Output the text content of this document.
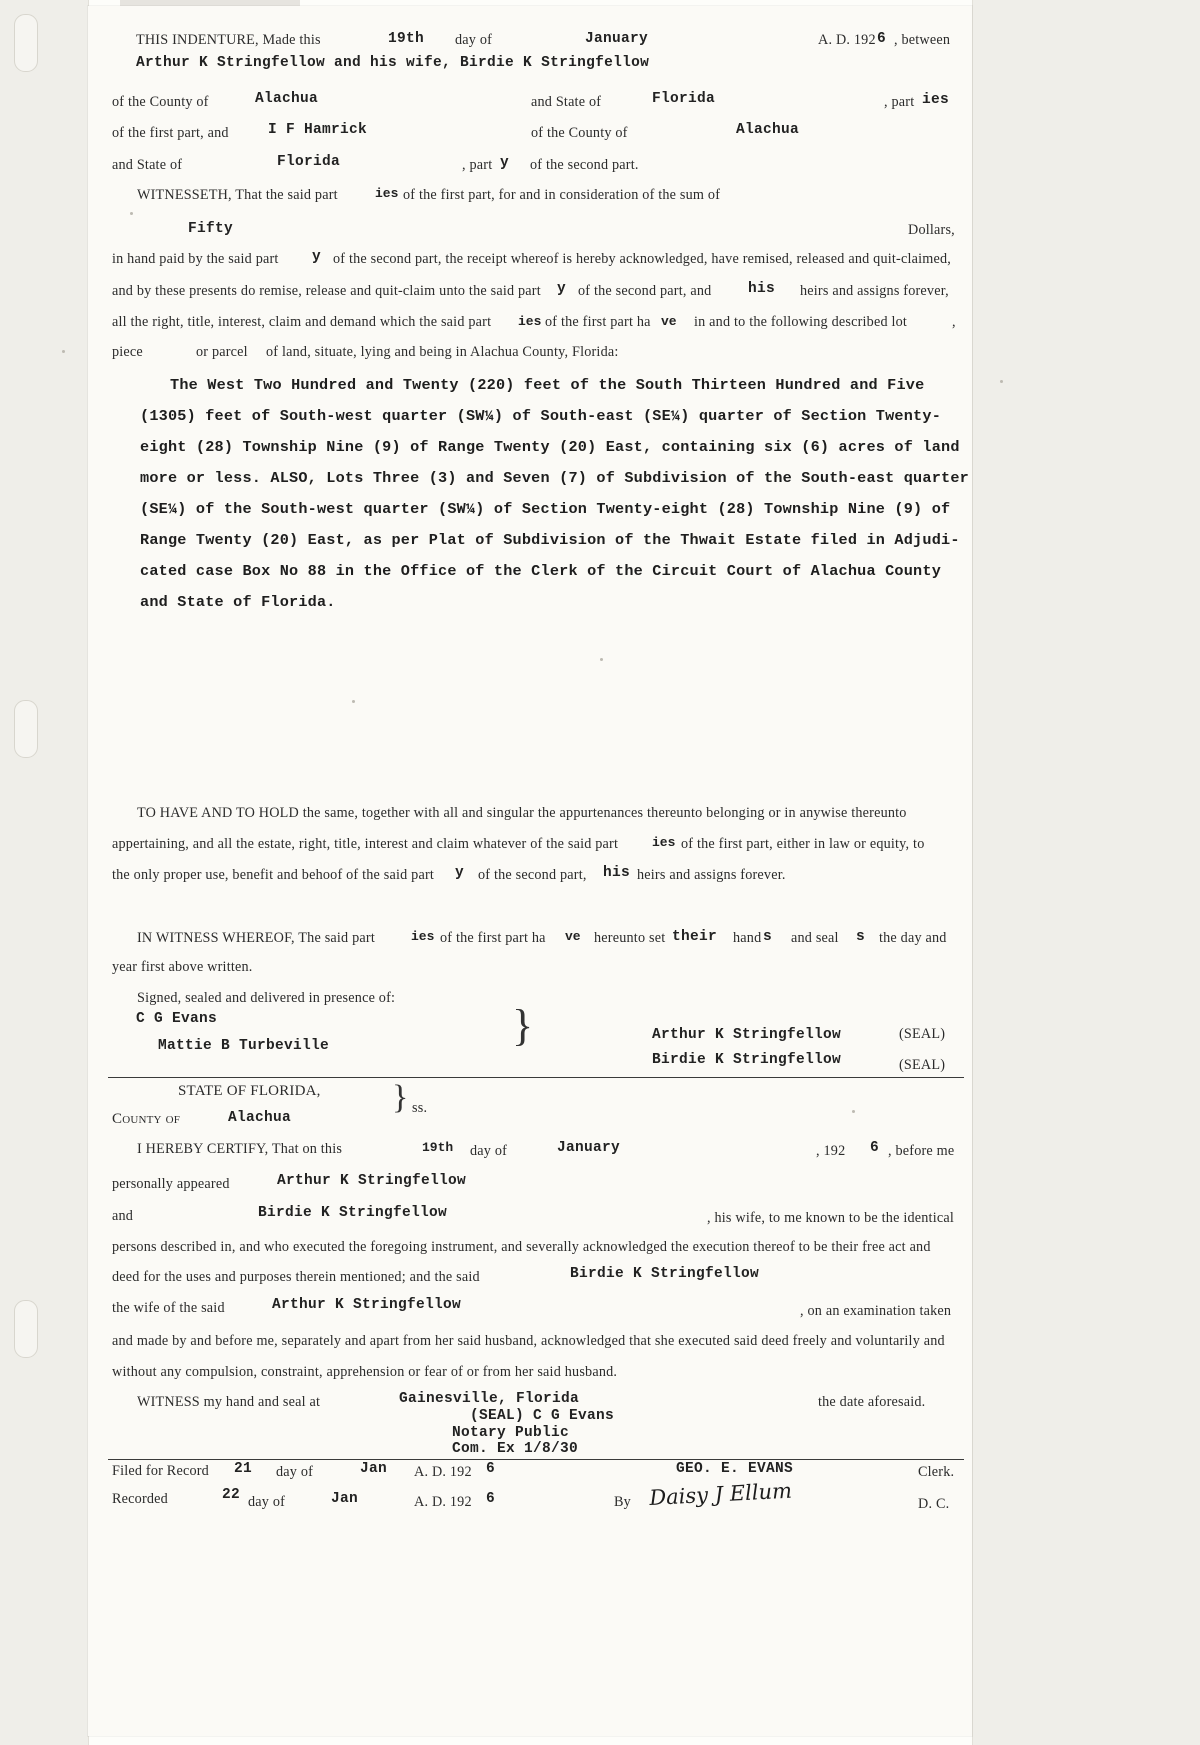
THIS INDENTURE, Made this	19th day of	January	A. D. 192 6 , between
Arthur K Stringfellow and his wife, Birdie K Stringfellow
of the County of	Alachua	and State of	Florida	, part ies
of the first part, and	I F Hamrick	of the County of	Alachua
and State of	Florida	, part y of the second part.
WITNESSETH, That the said part	ies of the first part, for and in consideration of the sum of
Fifty	Dollars,
in hand paid by the said part y of the second part, the receipt whereof is hereby acknowledged, have remised, released and quit-claimed,
and by these presents do remise, release and quit-claim unto the said part y of the second part, and	his heirs and assigns forever,
all the right, title, interest, claim and demand which the said part ies of the first part ha ve in and to the following described lot	,
piece	or parcel of land, situate, lying and being in Alachua County, Florida:
The West Two Hundred and Twenty (220) feet of the South Thirteen Hundred and Five
(1305) feet of South-west quarter (SW¼) of South-east (SE¼) quarter of Section Twenty-
eight (28) Township Nine (9) of Range Twenty (20) East, containing six (6) acres of land
more or less. ALSO, Lots Three (3) and Seven (7) of Subdivision of the South-east quarter
(SE¼) of the South-west quarter (SW¼) of Section Twenty-eight (28) Township Nine (9) of
Range Twenty (20) East, as per Plat of Subdivision of the Thwait Estate filed in Adjudi-
cated case Box No 88 in the Office of the Clerk of the Circuit Court of Alachua County
and State of Florida.
TO HAVE AND TO HOLD the same, together with all and singular the appurtenances thereunto belonging or in anywise thereunto
appertaining, and all the estate, right, title, interest and claim whatever of the said part	ies of the first part, either in law or equity, to
the only proper use, benefit and behoof of the said part y of the second part, his heirs and assigns forever.
IN WITNESS WHEREOF, The said part	ies of the first part ha ve hereunto set their hand s and seal s the day and
year first above written.
Signed, sealed and delivered in presence of:
C G Evans
Mattie B Turbeville	}	Arthur K Stringfellow	(SEAL)
Birdie K Stringfellow	(SEAL)
STATE OF FLORIDA,
County of	Alachua
} ss.
I HEREBY CERTIFY, That on this	19th day of	January	, 192 6 , before me
personally appeared	Arthur K Stringfellow
and	Birdie K Stringfellow	, his wife, to me known to be the identical
persons described in, and who executed the foregoing instrument, and severally acknowledged the execution thereof to be their free act and
deed for the uses and purposes therein mentioned; and the said	Birdie K Stringfellow
the wife of the said	Arthur K Stringfellow	, on an examination taken
and made by and before me, separately and apart from her said husband, acknowledged that she executed said deed freely and voluntarily and
without any compulsion, constraint, apprehension or fear of or from her said husband.
WITNESS my hand and seal at	Gainesville, Florida
(SEAL) C G Evans
Notary Public
Com. Ex 1/8/30
the date aforesaid.
Filed for Record 21 day of	Jan A. D. 192 6	GEO. E. EVANS	Clerk.
Recorded	22 day of	Jan	A. D. 192 6	By Daisy J Ellum	D. C.
